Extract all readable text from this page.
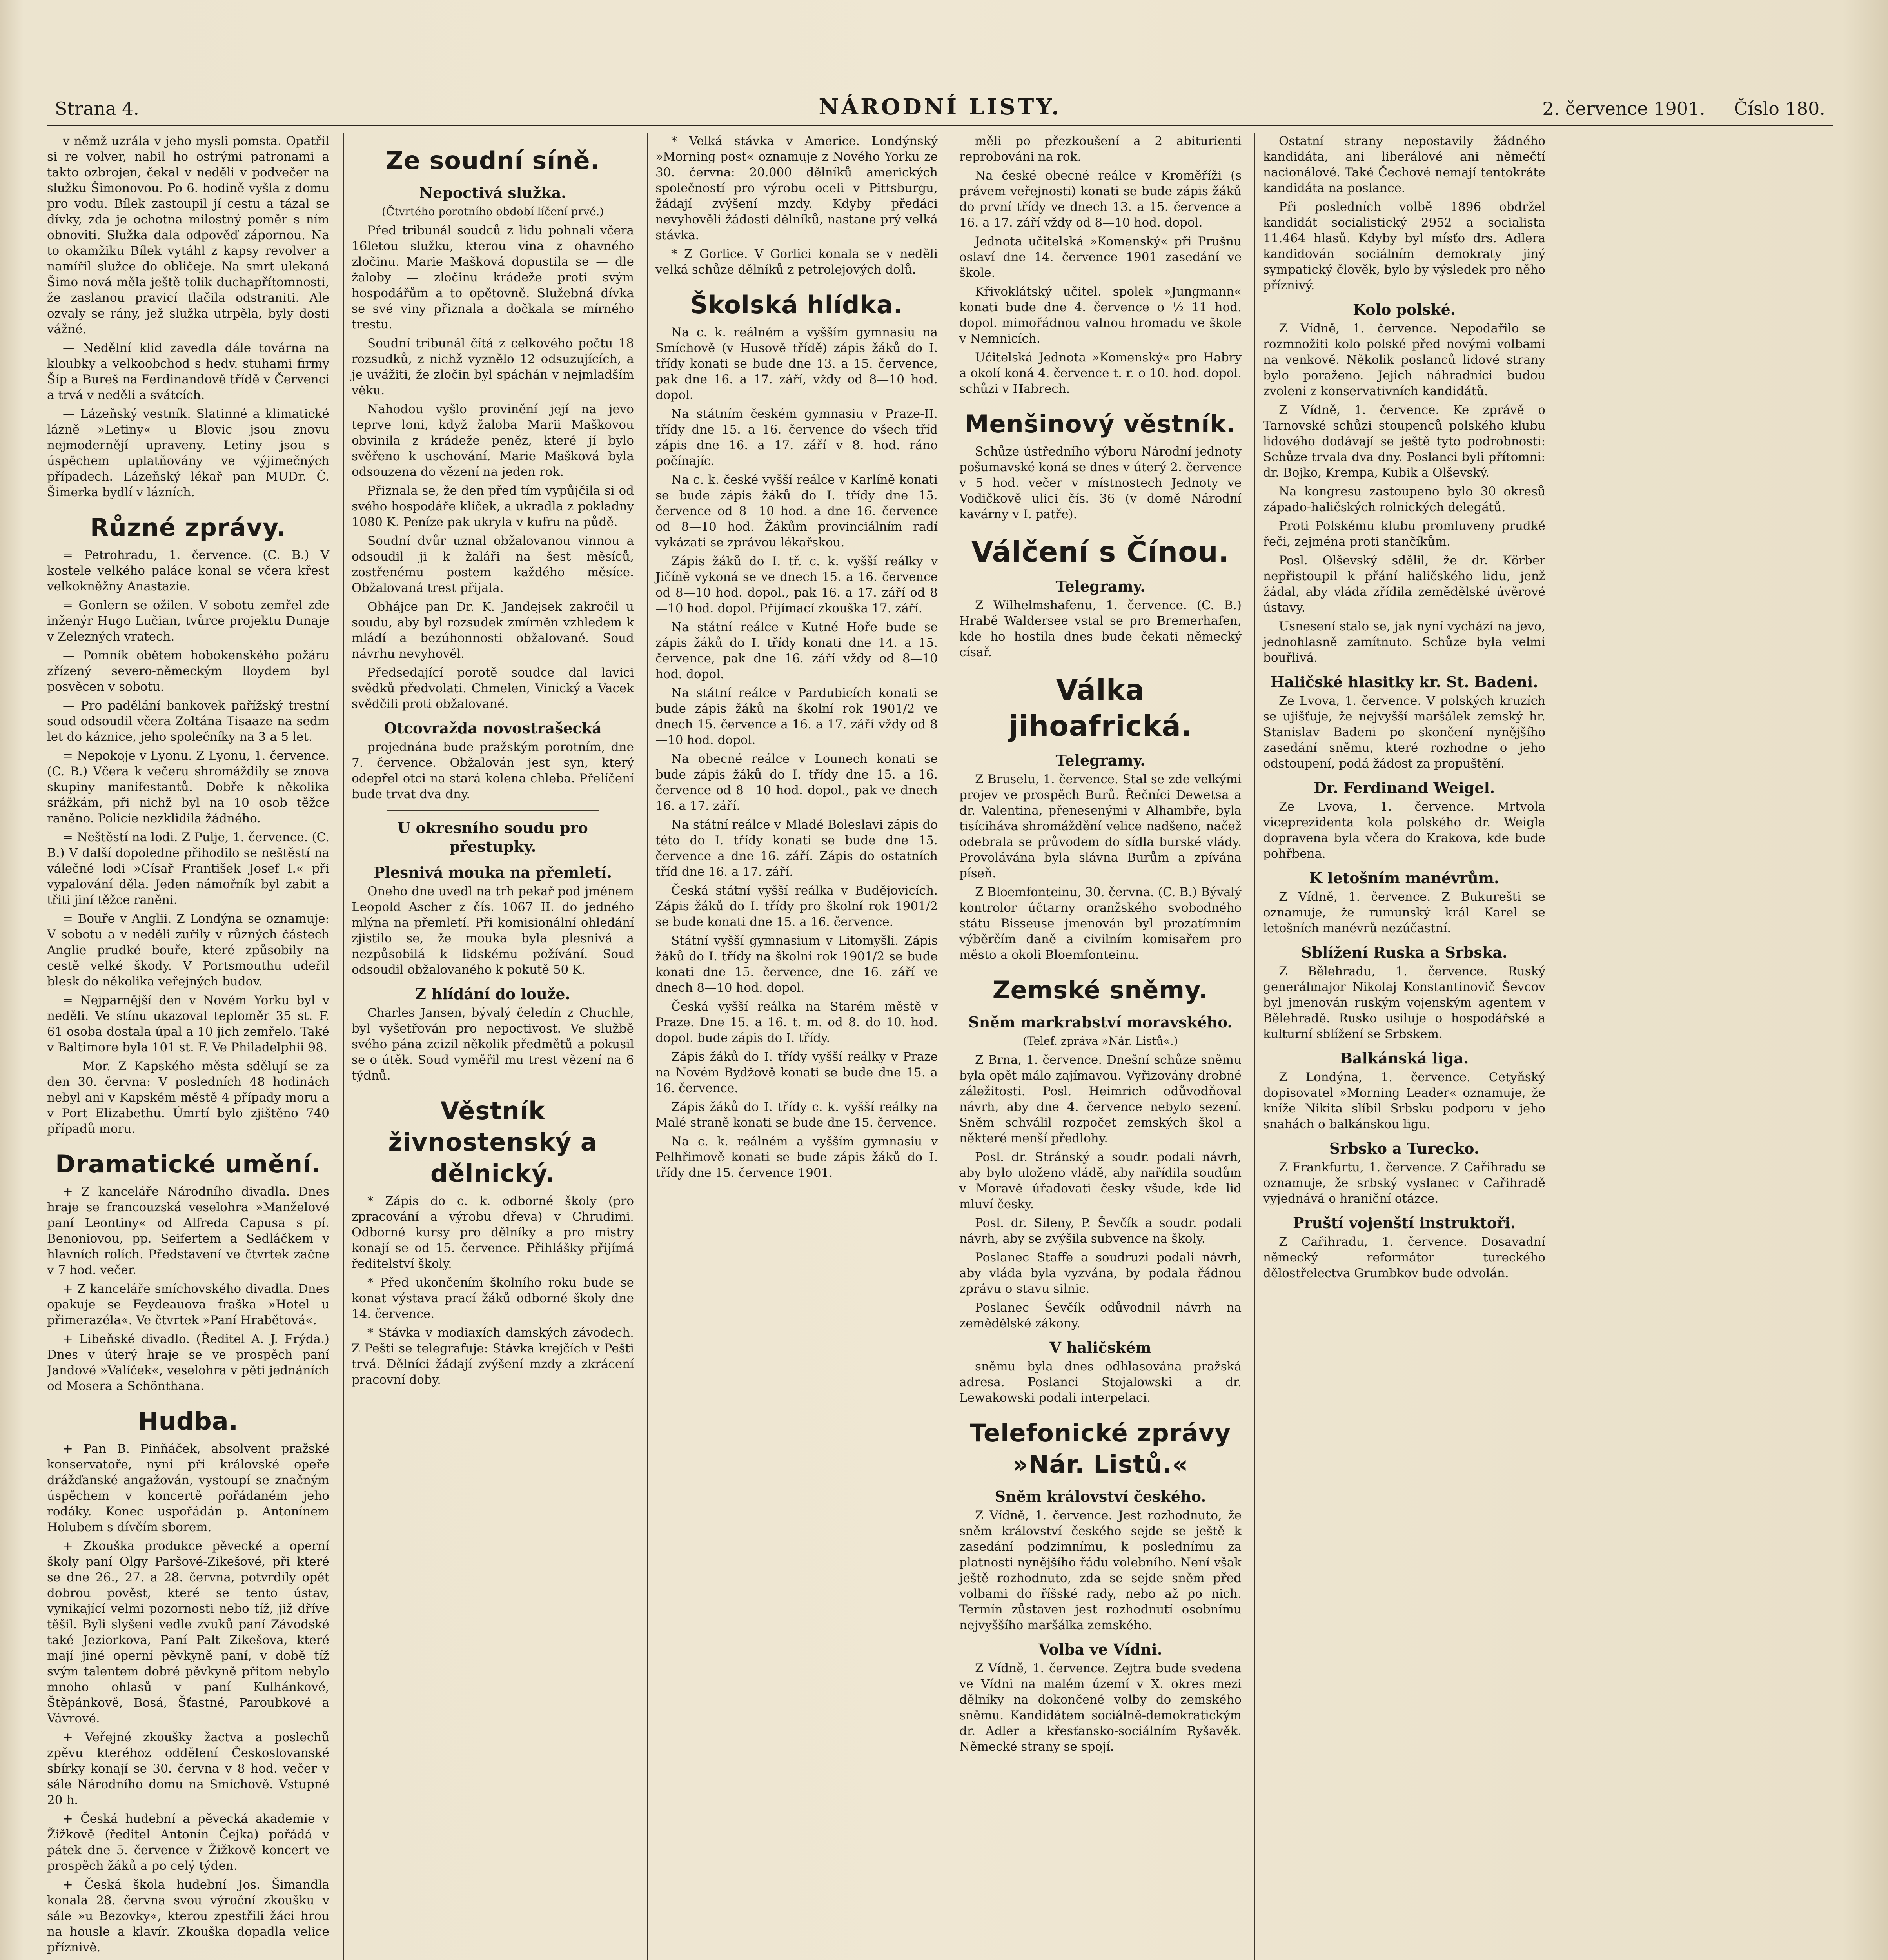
Strana 4.	NÁRODNÍ LISTY.	2. července 1901. Číslo 180.

v němž uzrála v jeho mysli pomsta. Opatřil si re volver, nabil ho ostrými patronami a takto ozbrojen, čekal v neděli v podvečer na služku Šimonovou. Po 6. hodině vyšla z domu pro vodu. Bílek zastoupil jí cestu a tázal se dívky, zda je ochotna milostný poměr s ním obnoviti. Služka dala odpověď zápornou. Na to okamžiku Bílek vytáhl z kapsy revolver a namířil služce do obličeje. Na smrt ulekaná Šimo nová měla ještě tolik duchapřítomnosti, že zaslanou pravicí tlačila odstraniti. Ale ozvaly se rány, jež služka utrpěla, byly dosti vážné.

— Nedělní klid zavedla dále továrna na kloubky a velkoobchod s hedv. stuhami firmy Šíp a Bureš na Ferdinandově třídě v Červenci a trvá v neděli a svátcích.

— Lázeňský vestník. Slatinné a klimatické lázně »Letiny« u Blovic jsou znovu nejmodernějí upraveny. Letiny jsou s úspěchem uplatňovány ve výjimečných případech. Lázeňský lékař pan MUDr. Č. Šimerka bydlí v lázních.

Různé zprávy.

= Petrohradu, 1. července. (C. B.) V kostele velkého paláce konal se včera křest velkokněžny Anastazie.

= Gonlern se ožilen. V sobotu zemřel zde inženýr Hugo Lučian, tvůrce projektu Dunaje v Zelezných vratech.

— Pomník obětem hobokenského požáru zřízený severo-německým lloydem byl posvěcen v sobotu.

— Pro padělání bankovek pařížský trestní soud odsoudil včera Zoltána Tisaaze na sedm let do káznice, jeho společníky na 3 a 5 let.

= Nepokoje v Lyonu. Z Lyonu, 1. července. (C. B.) Včera k večeru shromáždily se znova skupiny manifestantů. Dobře k několika srážkám, při nichž byl na 10 osob těžce raněno. Policie nezklidila žádného.

= Neštěstí na lodi. Z Pulje, 1. července. (C. B.) V další dopoledne přihodilo se neštěstí na válečné lodi »Císař František Josef I.« při vypalování děla. Jeden námořník byl zabit a třiti jiní těžce raněni.

= Bouře v Anglii. Z Londýna se oznamuje: V sobotu a v neděli zuřily v různých částech Anglie prudké bouře, které způsobily na cestě velké škody. V Portsmouthu udeřil blesk do několika veřejných budov.

= Nejparnější den v Novém Yorku byl v neděli. Ve stínu ukazoval teploměr 35 st. F. 61 osoba dostala úpal a 10 jich zemřelo. Také v Baltimore byla 101 st. F. Ve Philadelphii 98.

— Mor. Z Kapského města sdělují se za den 30. června: V posledních 48 hodinách nebyl ani v Kapském městě 4 případy moru a v Port Elizabethu. Úmrtí bylo zjištěno 740 případů moru.

Dramatické umění.

+ Z kanceláře Národního divadla. Dnes hraje se francouzská veselohra »Manželové paní Leontiny« od Alfreda Capusa s pí. Benoniovou, pp. Seifertem a Sedláčkem v hlavních rolích. Představení ve čtvrtek začne v 7 hod. večer.

+ Z kanceláře smíchovského divadla. Dnes opakuje se Feydeauova fraška »Hotel u přimerazéla«. Ve čtvrtek »Paní Hrabětová«.

+ Libeňské divadlo. (Ředitel A. J. Frýda.) Dnes v úterý hraje se ve prospěch paní Jandové »Valíček«, veselohra v pěti jednáních od Mosera a Schönthana.

Hudba.

+ Pan B. Pinňáček, absolvent pražské konservatoře, nyní při královské opeře drážďanské angažován, vystoupí se značným úspěchem v koncertě pořádaném jeho rodáky. Konec uspořádán p. Antonínem Holubem s dívčím sborem.

+ Zkouška produkce pěvecké a operní školy paní Olgy Paršové-Zikešové, při které se dne 26., 27. a 28. června, potvrdily opět dobrou pověst, které se tento ústav, vynikající velmi pozornosti nebo tíž, již dříve těšil. Byli slyšeni vedle zvuků paní Závodské také Jeziorkova, Paní Palt Zikešova, které mají jiné operní pěvkyně paní, v době tíž svým talentem dobré pěvkyně přitom nebylo mnoho ohlasů v paní Kulhánkové, Štěpánkově, Bosá, Šťastné, Paroubkové a Vávrové.

+ Veřejné zkoušky žactva a poslechů zpěvu kteréhoz oddělení Českoslovanské sbírky konají se 30. června v 8 hod. večer v sále Národního domu na Smíchově. Vstupné 20 h.

+ Česká hudební a pěvecká akademie v Žižkově (ředitel Antonín Čejka) pořádá v pátek dne 5. července v Žižkově koncert ve prospěch žáků a po celý týden.

+ Česká škola hudební Jos. Šimandla konala 28. června svou výroční zkoušku v sále »u Bezovky«, kterou zpestřili žáci hrou na housle a klavír. Zkouška dopadla velice příznivě.

Ze soudní síně.
Nepoctivá služka.
(Čtvrtého porotního období líčení prvé.)

Před tribunál soudců z lidu pohnali včera 16letou služku, kterou vina z ohavného zločinu. Marie Mašková dopustila se — dle žaloby — zločinu krádeže proti svým hospodářům a to opětovně. Služebná dívka se své viny přiznala a dočkala se mírného trestu.

Soudní tribunál čítá z celkového počtu 18 rozsudků, z nichž vyznělo 12 odsuzujících, a je uvážiti, že zločin byl spáchán v nejmladším věku.

Nahodou vyšlo provinění její na jevo teprve loni, když žaloba Marii Maškovou obvinila z krádeže peněz, které jí bylo svěřeno k uschování. Marie Mašková byla odsouzena do vězení na jeden rok.

Přiznala se, že den před tím vypůjčila si od svého hospodáře klíček, a ukradla z pokladny 1080 K. Peníze pak ukryla v kufru na půdě.

Soudní dvůr uznal obžalovanou vinnou a odsoudil ji k žaláři na šest měsíců, zostřenému postem každého měsíce. Obžalovaná trest přijala.

Obhájce pan Dr. K. Jandejsek zakročil u soudu, aby byl rozsudek zmírněn vzhledem k mládí a bezúhonnosti obžalované. Soud návrhu nevyhověl.

Předsedající porotě soudce dal lavici svědků předvolati. Chmelen, Vinický a Vacek svědčili proti obžalované.

Otcovražda novostrašecká

projednána bude pražským porotním, dne 7. července. Obžalován jest syn, který odepřel otci na stará kolena chleba. Přelíčení bude trvat dva dny.

U okresního soudu pro přestupky.
Plesnivá mouka na přemletí.

Oneho dne uvedl na trh pekař pod jménem Leopold Ascher z čís. 1067 II. do jedného mlýna na přemletí. Při komisionální ohledání zjistilo se, že mouka byla plesnivá a nezpůsobilá k lidskému požívání. Soud odsoudil obžalovaného k pokutě 50 K.

Z hlídání do louže.

Charles Jansen, bývalý čeledín z Chuchle, byl vyšetřován pro nepoctivost. Ve službě svého pána zcizil několik předmětů a pokusil se o útěk. Soud vyměřil mu trest vězení na 6 týdnů.

Věstník živnostenský a dělnický.

* Zápis do c. k. odborné školy (pro zpracování a výrobu dřeva) v Chrudimi. Odborné kursy pro dělníky a pro mistry konají se od 15. července. Přihlášky přijímá ředitelství školy.

* Před ukončením školního roku bude se konat výstava prací žáků odborné školy dne 14. července.

* Stávka v modiaxích damských závodech. Z Pešti se telegrafuje: Stávka krejčích v Pešti trvá. Dělníci žádají zvýšení mzdy a zkrácení pracovní doby.

* Velká stávka v Americe. Londýnský »Morning post« oznamuje z Nového Yorku ze 30. června: 20.000 dělníků amerických společností pro výrobu oceli v Pittsburgu, žádají zvýšení mzdy. Kdyby předáci nevyhověli žádosti dělníků, nastane prý velká stávka.

* Z Gorlice. V Gorlici konala se v neděli velká schůze dělníků z petrolejových dolů.

Školská hlídka.

Na c. k. reálném a vyšším gymnasiu na Smíchově (v Husově třídě) zápis žáků do I. třídy konati se bude dne 13. a 15. července, pak dne 16. a 17. září, vždy od 8—10 hod. dopol.

Na státním českém gymnasiu v Praze-II. třídy dne 15. a 16. července do všech tříd zápis dne 16. a 17. září v 8. hod. ráno počínajíc.

Na c. k. české vyšší reálce v Karlíně konati se bude zápis žáků do I. třídy dne 15. července od 8—10 hod. a dne 16. července od 8—10 hod. Žákům provinciálním radí vykázati se zprávou lékařskou.

Zápis žáků do I. tř. c. k. vyšší reálky v Jičíně vykoná se ve dnech 15. a 16. července od 8—10 hod. dopol., pak 16. a 17. září od 8—10 hod. dopol. Přijímací zkouška 17. září.

Na státní reálce v Kutné Hoře bude se zápis žáků do I. třídy konati dne 14. a 15. července, pak dne 16. září vždy od 8—10 hod. dopol.

Na státní reálce v Pardubicích konati se bude zápis žáků na školní rok 1901/2 ve dnech 15. července a 16. a 17. září vždy od 8—10 hod. dopol.

Na obecné reálce v Lounech konati se bude zápis žáků do I. třídy dne 15. a 16. července od 8—10 hod. dopol., pak ve dnech 16. a 17. září.

Na státní reálce v Mladé Boleslavi zápis do této do I. třídy konati se bude dne 15. července a dne 16. září. Zápis do ostatních tříd dne 16. a 17. září.

Česká státní vyšší reálka v Budějovicích. Zápis žáků do I. třídy pro školní rok 1901/2 se bude konati dne 15. a 16. července.

Státní vyšší gymnasium v Litomyšli. Zápis žáků do I. třídy na školní rok 1901/2 se bude konati dne 15. července, dne 16. září ve dnech 8—10 hod. dopol.

Česká vyšší reálka na Starém městě v Praze. Dne 15. a 16. t. m. od 8. do 10. hod. dopol. bude zápis do I. třídy.

Zápis žáků do I. třídy vyšší reálky v Praze na Novém Bydžově konati se bude dne 15. a 16. července.

Zápis žáků do I. třídy c. k. vyšší reálky na Malé straně konati se bude dne 15. července.

Na c. k. reálném a vyšším gymnasiu v Pelhřimově konati se bude zápis žáků do I. třídy dne 15. července 1901.

měli po přezkoušení a 2 abiturienti reprobováni na rok.

Na české obecné reálce v Kroměříži (s právem veřejnosti) konati se bude zápis žáků do první třídy ve dnech 13. a 15. července a 16. a 17. září vždy od 8—10 hod. dopol.

Jednota učitelská »Komenský« při Prušnu oslaví dne 14. července 1901 zasedání ve škole.

Křivoklátský učitel. spolek »Jungmann« konati bude dne 4. července o ½ 11 hod. dopol. mimořádnou valnou hromadu ve škole v Nemnicích.

Učitelská Jednota »Komenský« pro Habry a okolí koná 4. července t. r. o 10. hod. dopol. schůzi v Habrech.

Menšinový věstník.

Schůze ústředního výboru Národní jednoty pošumavské koná se dnes v úterý 2. července v 5 hod. večer v místnostech Jednoty ve Vodičkově ulici čís. 36 (v domě Národní kavárny v I. patře).

Válčení s Čínou.
Telegramy.

Z Wilhelmshafenu, 1. července. (C. B.) Hrabě Waldersee vstal se pro Bremerhafen, kde ho hostila dnes bude čekati německý císař.

Válka jihoafrická.
Telegramy.

Z Bruselu, 1. července. Stal se zde velkými projev ve prospěch Burů. Řečníci Dewetsa a dr. Valentina, přenesenými v Alhambře, byla tisíciháva shromáždění velice nadšeno, načež odebrala se průvodem do sídla burské vlády. Provolávána byla slávna Burům a zpívána píseň.

Z Bloemfonteinu, 30. června. (C. B.) Bývalý kontrolor účtarny oranžského svobodného státu Bisseuse jmenován byl prozatímním výběrčím daně a civilním komisařem pro město a okoli Bloemfonteinu.

Zemské sněmy.
Sněm markrabství moravského.
(Telef. zpráva »Nár. Listů«.)

Z Brna, 1. července. Dnešní schůze sněmu byla opět málo zajímavou. Vyřizovány drobné záležitosti. Posl. Heimrich odůvodňoval návrh, aby dne 4. července nebylo sezení. Sněm schválil rozpočet zemských škol a některé menší předlohy.

Posl. dr. Stránský a soudr. podali návrh, aby bylo uloženo vládě, aby nařídila soudům v Moravě úřadovati česky všude, kde lid mluví česky.

Posl. dr. Sileny, P. Ševčík a soudr. podali návrh, aby se zvýšila subvence na školy.

Poslanec Staffe a soudruzi podali návrh, aby vláda byla vyzvána, by podala řádnou zprávu o stavu silnic.

Poslanec Ševčík odůvodnil návrh na zemědělské zákony.

V haličském

sněmu byla dnes odhlasována pražská adresa. Poslanci Stojalowski a dr. Lewakowski podali interpelaci.

Telefonické zprávy »Nár. Listů.«
Sněm království českého.

Z Vídně, 1. července. Jest rozhodnuto, že sněm království českého sejde se ještě k zasedání podzimnímu, k poslednímu za platnosti nynějšího řádu volebního. Není však ještě rozhodnuto, zda se sejde sněm před volbami do říšské rady, nebo až po nich. Termín zůstaven jest rozhodnutí osobnímu nejvyššího maršálka zemského.

Volba ve Vídni.

Z Vídně, 1. července. Zejtra bude svedena ve Vídni na malém území v X. okres mezi dělníky na dokončené volby do zemského sněmu. Kandidátem sociálně-demokratickým dr. Adler a křesťansko-sociálním Ryšavěk. Německé strany se spojí.

Ostatní strany nepostavily žádného kandidáta, ani liberálové ani němečtí nacionálové. Také Čechové nemají tentokráte kandidáta na poslance.

Při posledních volbě 1896 obdržel kandidát socialistický 2952 a socialista 11.464 hlasů. Kdyby byl mísťo drs. Adlera kandidován sociálním demokraty jiný sympatický člověk, bylo by výsledek pro něho příznivý.

Kolo polské.

Z Vídně, 1. července. Nepodařilo se rozmnožiti kolo polské před novými volbami na venkově. Několik poslanců lidové strany bylo poraženo. Jejich náhradníci budou zvoleni z konservativních kandidátů.

Z Vídně, 1. července. Ke zprávě o Tarnovské schůzi stoupenců polského klubu lidového dodávají se ještě tyto podrobnosti: Schůze trvala dva dny. Poslanci byli přítomni: dr. Bojko, Krempa, Kubik a Olševský.

Na kongresu zastoupeno bylo 30 okresů západo-haličských rolnických delegátů.

Proti Polskému klubu promluveny prudké řeči, zejména proti stančíkům.

Posl. Olševský sdělil, že dr. Körber nepřistoupil k přání haličského lidu, jenž žádal, aby vláda zřídila zemědělské úvěrové ústavy.

Usnesení stalo se, jak nyní vychází na jevo, jednohlasně zamítnuto. Schůze byla velmi bouřlivá.

Haličské hlasitky kr. St. Badeni.

Ze Lvova, 1. července. V polských kruzích se ujišťuje, že nejvyšší maršálek zemský hr. Stanislav Badeni po skončení nynějšího zasedání sněmu, které rozhodne o jeho odstoupení, podá žádost za propuštění.

Dr. Ferdinand Weigel.

Ze Lvova, 1. července. Mrtvola viceprezidenta kola polského dr. Weigla dopravena byla včera do Krakova, kde bude pohřbena.

K letošním manévrům.

Z Vídně, 1. července. Z Bukurešti se oznamuje, že rumunský král Karel se letošních manévrů nezúčastní.

Sblížení Ruska a Srbska.

Z Bělehradu, 1. července. Ruský generálmajor Nikolaj Konstantinovič Ševcov byl jmenován ruským vojenským agentem v Bělehradě. Rusko usiluje o hospodářské a kulturní sblížení se Srbskem.

Balkánská liga.

Z Londýna, 1. července. Cetyňský dopisovatel »Morning Leader« oznamuje, že kníže Nikita slíbil Srbsku podporu v jeho snahách o balkánskou ligu.

Srbsko a Turecko.

Z Frankfurtu, 1. července. Z Cařihradu se oznamuje, že srbský vyslanec v Cařihradě vyjednává o hraniční otázce.

Pruští vojenští instruktoři.

Z Cařihradu, 1. července. Dosavadní německý reformátor tureckého dělostřelectva Grumbkov bude odvolán.
